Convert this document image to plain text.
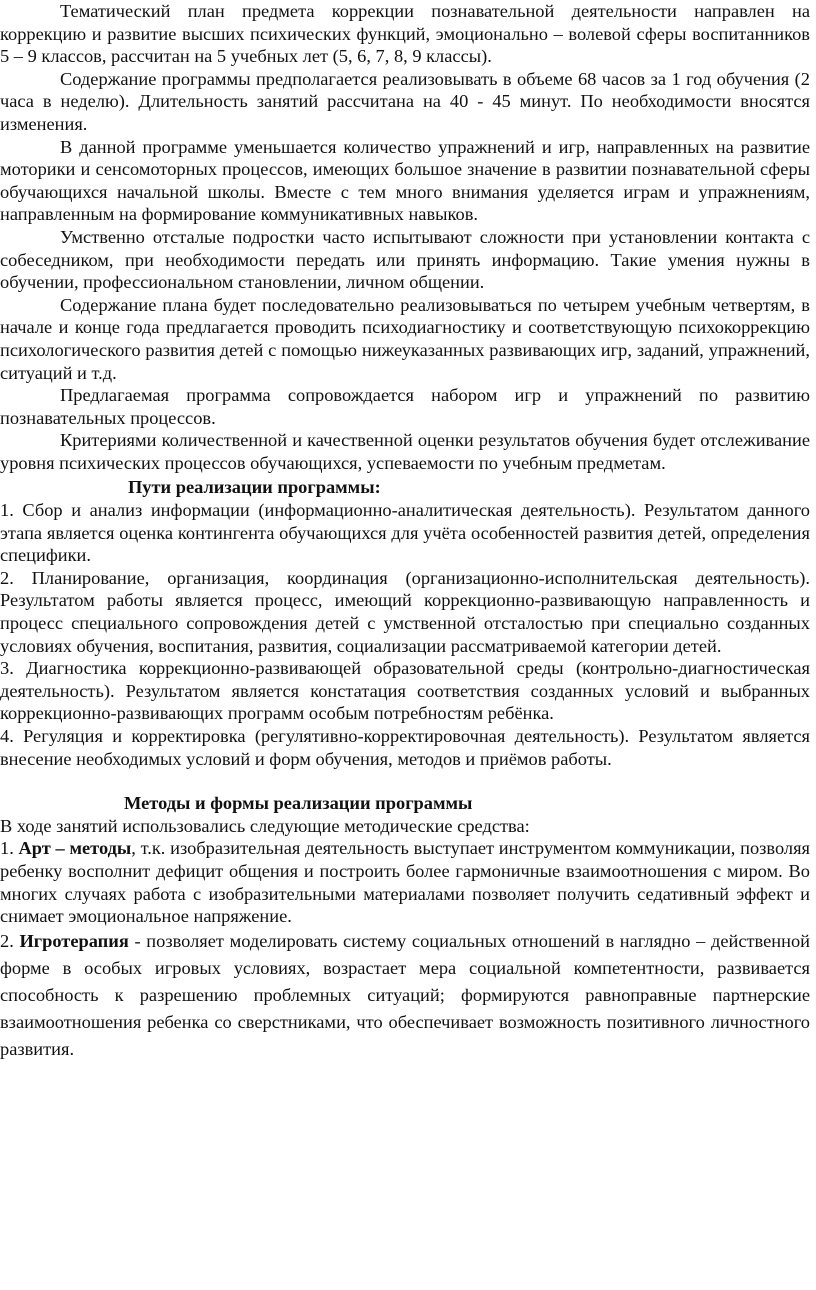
Тематический план предмета коррекции познавательной деятельности направлен на коррекцию и развитие высших психических функций, эмоционально – волевой сферы воспитанников 5 – 9 классов, рассчитан на 5 учебных лет (5, 6, 7, 8, 9 классы).

Содержание программы предполагается реализовывать в объеме 68 часов за 1 год обучения (2 часа в неделю). Длительность занятий рассчитана на 40 - 45 минут. По необходимости вносятся изменения.

В данной программе уменьшается количество упражнений и игр, направленных на развитие моторики и сенсомоторных процессов, имеющих большое значение в развитии познавательной сферы обучающихся начальной школы. Вместе с тем много внимания уделяется играм и упражнениям, направленным на формирование коммуникативных навыков.

Умственно отсталые подростки часто испытывают сложности при установлении контакта с собеседником, при необходимости передать или принять информацию. Такие умения нужны в обучении, профессиональном становлении, личном общении.

Содержание плана будет последовательно реализовываться по четырем учебным четвертям, в начале и конце года предлагается проводить психодиагностику и соответствующую психокоррекцию психологического развития детей с помощью нижеуказанных развивающих игр, заданий, упражнений, ситуаций и т.д.

Предлагаемая программа сопровождается набором игр и упражнений по развитию познавательных процессов.

Критериями количественной и качественной оценки результатов обучения будет отслеживание уровня психических процессов обучающихся, успеваемости по учебным предметам.

Пути реализации программы:

1. Сбор и анализ информации (информационно-аналитическая деятельность). Результатом данного этапа является оценка контингента обучающихся для учёта особенностей развития детей, определения специфики.

2. Планирование, организация, координация (организационно-исполнительская деятельность). Результатом работы является процесс, имеющий коррекционно-развивающую направленность и процесс специального сопровождения детей с умственной отсталостью при специально созданных условиях обучения, воспитания, развития, социализации рассматриваемой категории детей.

3. Диагностика коррекционно-развивающей образовательной среды (контрольно-диагностическая деятельность). Результатом является констатация соответствия созданных условий и выбранных коррекционно-развивающих программ особым потребностям ребёнка.

4. Регуляция и корректировка (регулятивно-корректировочная деятельность). Результатом является внесение необходимых условий и форм обучения, методов и приёмов работы.

Методы и формы реализации программы

В ходе занятий использовались следующие методические средства:

1. Арт – методы, т.к. изобразительная деятельность выступает инструментом коммуникации, позволяя ребенку восполнит дефицит общения и построить более гармоничные взаимоотношения с миром. Во многих случаях работа с изобразительными материалами позволяет получить седативный эффект и снимает эмоциональное напряжение.

2. Игротерапия - позволяет моделировать систему социальных отношений в наглядно – действенной форме в особых игровых условиях, возрастает мера социальной компетентности, развивается способность к разрешению проблемных ситуаций; формируются равноправные партнерские взаимоотношения ребенка со сверстниками, что обеспечивает возможность позитивного личностного развития.
